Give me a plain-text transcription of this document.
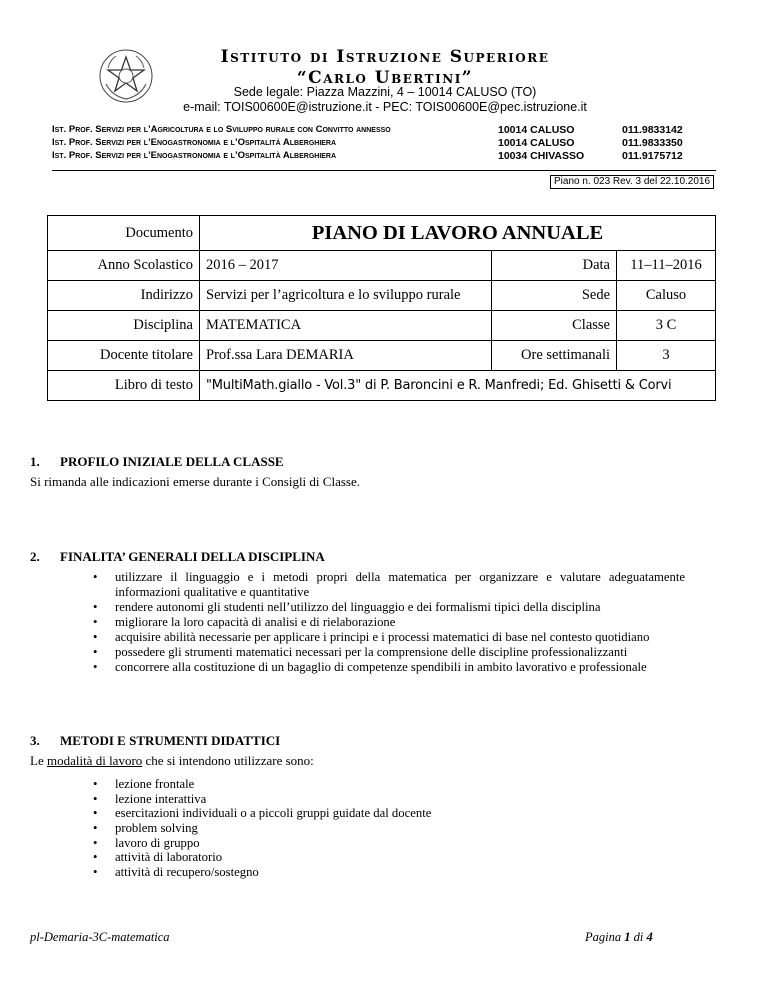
Istituto di Istruzione Superiore
“Carlo Ubertini”
Sede legale: Piazza Mazzini, 4 – 10014 CALUSO (TO)
e-mail: TOIS00600E@istruzione.it - PEC: TOIS00600E@pec.istruzione.it
Ist. Prof. Servizi per l’Agricoltura e lo Sviluppo rurale con Convitto annesso	10014 CALUSO	011.9833142
Ist. Prof. Servizi per l’Enogastronomia e l’Ospitalità Alberghiera	10014 CALUSO	011.9833350
Ist. Prof. Servizi per l’Enogastronomia e l’Ospitalità Alberghiera	10034 CHIVASSO	011.9175712
Piano n. 023 Rev. 3 del 22.10.2016
Documento	PIANO DI LAVORO ANNUALE		
Anno Scolastico	2016 – 2017	Data	11–11–2016
Indirizzo	Servizi per l’agricoltura e lo sviluppo rurale	Sede	Caluso
Disciplina	MATEMATICA	Classe	3 C
Docente titolare	Prof.ssa Lara DEMARIA	Ore settimanali	3
Libro di testo	"MultiMath.giallo - Vol.3" di P. Baroncini e R. Manfredi; Ed. Ghisetti & Corvi		
1. PROFILO INIZIALE DELLA CLASSE
Si rimanda alle indicazioni emerse durante i Consigli di Classe.
2. FINALITA’ GENERALI DELLA DISCIPLINA
• utilizzare il linguaggio e i metodi propri della matematica per organizzare e valutare adeguatamente informazioni qualitative e quantitative
• rendere autonomi gli studenti nell’utilizzo del linguaggio e dei formalismi tipici della disciplina
• migliorare la loro capacità di analisi e di rielaborazione
• acquisire abilità necessarie per applicare i principi e i processi matematici di base nel contesto quotidiano
• possedere gli strumenti matematici necessari per la comprensione delle discipline professionalizzanti
• concorrere alla costituzione di un bagaglio di competenze spendibili in ambito lavorativo e professionale
3. METODI E STRUMENTI DIDATTICI
Le modalità di lavoro che si intendono utilizzare sono:
• lezione frontale
• lezione interattiva
• esercitazioni individuali o a piccoli gruppi guidate dal docente
• problem solving
• lavoro di gruppo
• attività di laboratorio
• attività di recupero/sostegno
pl-Demaria-3C-matematica	Pagina 1 di 4
